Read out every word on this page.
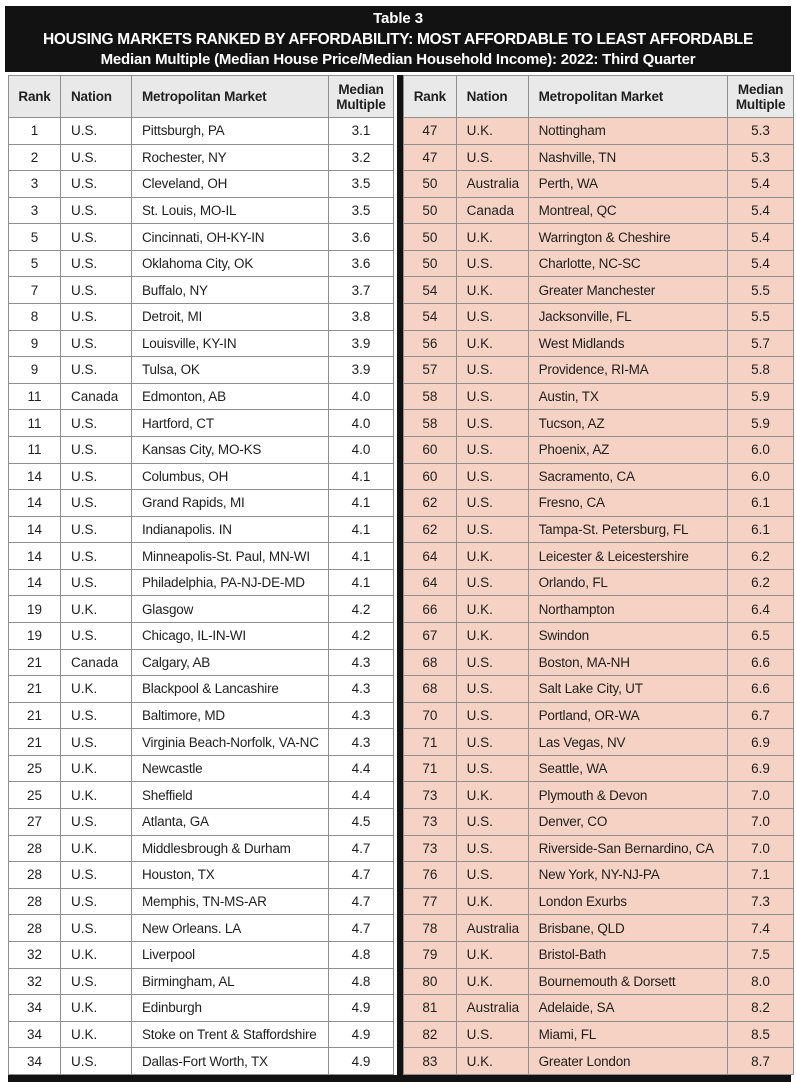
Table 3
HOUSING MARKETS RANKED BY AFFORDABILITY: MOST AFFORDABLE TO LEAST AFFORDABLE
Median Multiple (Median House Price/Median Household Income): 2022: Third Quarter
Rank	Nation	Metropolitan Market	Median Multiple
1	U.S.	Pittsburgh, PA	3.1
2	U.S.	Rochester, NY	3.2
3	U.S.	Cleveland, OH	3.5
3	U.S.	St. Louis, MO-IL	3.5
5	U.S.	Cincinnati, OH-KY-IN	3.6
5	U.S.	Oklahoma City, OK	3.6
7	U.S.	Buffalo, NY	3.7
8	U.S.	Detroit, MI	3.8
9	U.S.	Louisville, KY-IN	3.9
9	U.S.	Tulsa, OK	3.9
11	Canada	Edmonton, AB	4.0
11	U.S.	Hartford, CT	4.0
11	U.S.	Kansas City, MO-KS	4.0
14	U.S.	Columbus, OH	4.1
14	U.S.	Grand Rapids, MI	4.1
14	U.S.	Indianapolis. IN	4.1
14	U.S.	Minneapolis-St. Paul, MN-WI	4.1
14	U.S.	Philadelphia, PA-NJ-DE-MD	4.1
19	U.K.	Glasgow	4.2
19	U.S.	Chicago, IL-IN-WI	4.2
21	Canada	Calgary, AB	4.3
21	U.K.	Blackpool & Lancashire	4.3
21	U.S.	Baltimore, MD	4.3
21	U.S.	Virginia Beach-Norfolk, VA-NC	4.3
25	U.K.	Newcastle	4.4
25	U.K.	Sheffield	4.4
27	U.S.	Atlanta, GA	4.5
28	U.K.	Middlesbrough & Durham	4.7
28	U.S.	Houston, TX	4.7
28	U.S.	Memphis, TN-MS-AR	4.7
28	U.S.	New Orleans. LA	4.7
32	U.K.	Liverpool	4.8
32	U.S.	Birmingham, AL	4.8
34	U.K.	Edinburgh	4.9
34	U.K.	Stoke on Trent & Staffordshire	4.9
34	U.S.	Dallas-Fort Worth, TX	4.9
Rank	Nation	Metropolitan Market	Median Multiple
47	U.K.	Nottingham	5.3
47	U.S.	Nashville, TN	5.3
50	Australia	Perth, WA	5.4
50	Canada	Montreal, QC	5.4
50	U.K.	Warrington & Cheshire	5.4
50	U.S.	Charlotte, NC-SC	5.4
54	U.K.	Greater Manchester	5.5
54	U.S.	Jacksonville, FL	5.5
56	U.K.	West Midlands	5.7
57	U.S.	Providence, RI-MA	5.8
58	U.S.	Austin, TX	5.9
58	U.S.	Tucson, AZ	5.9
60	U.S.	Phoenix, AZ	6.0
60	U.S.	Sacramento, CA	6.0
62	U.S.	Fresno, CA	6.1
62	U.S.	Tampa-St. Petersburg, FL	6.1
64	U.K.	Leicester & Leicestershire	6.2
64	U.S.	Orlando, FL	6.2
66	U.K.	Northampton	6.4
67	U.K.	Swindon	6.5
68	U.S.	Boston, MA-NH	6.6
68	U.S.	Salt Lake City, UT	6.6
70	U.S.	Portland, OR-WA	6.7
71	U.S.	Las Vegas, NV	6.9
71	U.S.	Seattle, WA	6.9
73	U.K.	Plymouth & Devon	7.0
73	U.S.	Denver, CO	7.0
73	U.S.	Riverside-San Bernardino, CA	7.0
76	U.S.	New York, NY-NJ-PA	7.1
77	U.K.	London Exurbs	7.3
78	Australia	Brisbane, QLD	7.4
79	U.K.	Bristol-Bath	7.5
80	U.K.	Bournemouth & Dorsett	8.0
81	Australia	Adelaide, SA	8.2
82	U.S.	Miami, FL	8.5
83	U.K.	Greater London	8.7
